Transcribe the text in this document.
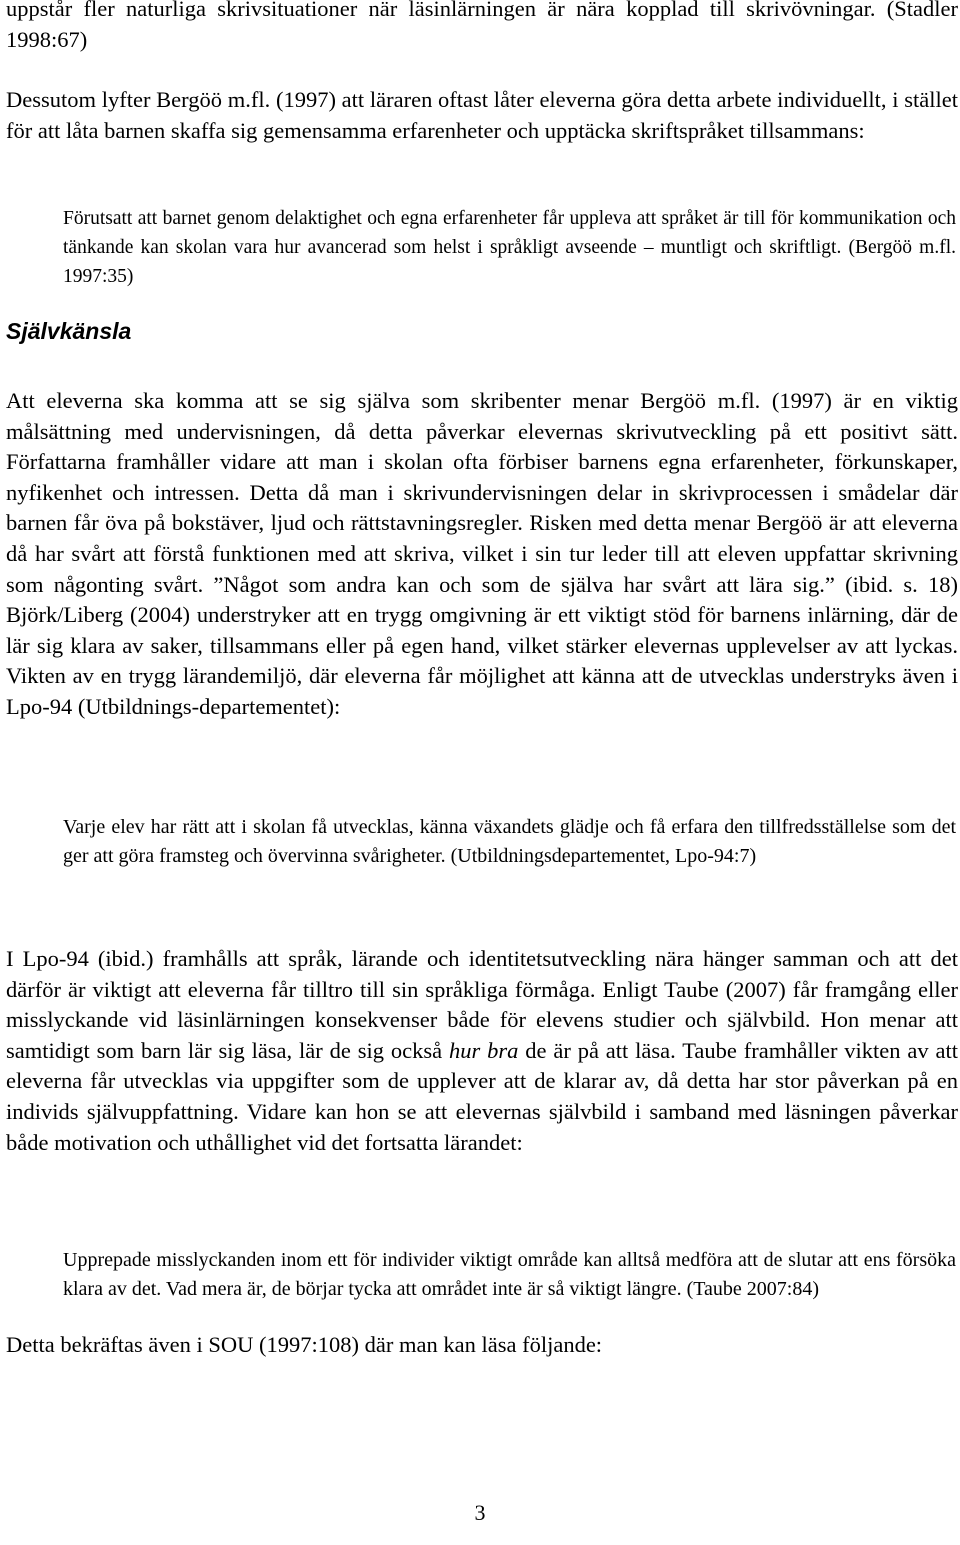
uppstår fler naturliga skrivsituationer när läsinlärningen är nära kopplad till skrivövningar. (Stadler 1998:67)

Dessutom lyfter Bergöö m.fl. (1997) att läraren oftast låter eleverna göra detta arbete individuellt, i stället för att låta barnen skaffa sig gemensamma erfarenheter och upptäcka skriftspråket tillsammans:

Förutsatt att barnet genom delaktighet och egna erfarenheter får uppleva att språket är till för kommunikation och tänkande kan skolan vara hur avancerad som helst i språkligt avseende – muntligt och skriftligt. (Bergöö m.fl. 1997:35)

Självkänsla

Att eleverna ska komma att se sig själva som skribenter menar Bergöö m.fl. (1997) är en viktig målsättning med undervisningen, då detta påverkar elevernas skrivutveckling på ett positivt sätt. Författarna framhåller vidare att man i skolan ofta förbiser barnens egna erfarenheter, förkunskaper, nyfikenhet och intressen. Detta då man i skrivundervisningen delar in skrivprocessen i smådelar där barnen får öva på bokstäver, ljud och rättstavningsregler. Risken med detta menar Bergöö är att eleverna då har svårt att förstå funktionen med att skriva, vilket i sin tur leder till att eleven uppfattar skrivning som någonting svårt. ”Något som andra kan och som de själva har svårt att lära sig.” (ibid. s. 18) Björk/Liberg (2004) understryker att en trygg omgivning är ett viktigt stöd för barnens inlärning, där de lär sig klara av saker, tillsammans eller på egen hand, vilket stärker elevernas upplevelser av att lyckas. Vikten av en trygg lärandemiljö, där eleverna får möjlighet att känna att de utvecklas understryks även i Lpo-94 (Utbildnings-departementet):

Varje elev har rätt att i skolan få utvecklas, känna växandets glädje och få erfara den tillfredsställelse som det ger att göra framsteg och övervinna svårigheter. (Utbildningsdepartementet, Lpo-94:7)

I Lpo-94 (ibid.) framhålls att språk, lärande och identitetsutveckling nära hänger samman och att det därför är viktigt att eleverna får tilltro till sin språkliga förmåga. Enligt Taube (2007) får framgång eller misslyckande vid läsinlärningen konsekvenser både för elevens studier och självbild. Hon menar att samtidigt som barn lär sig läsa, lär de sig också hur bra de är på att läsa. Taube framhåller vikten av att eleverna får utvecklas via uppgifter som de upplever att de klarar av, då detta har stor påverkan på en individs självuppfattning. Vidare kan hon se att elevernas självbild i samband med läsningen påverkar både motivation och uthållighet vid det fortsatta lärandet:

Upprepade misslyckanden inom ett för individer viktigt område kan alltså medföra att de slutar att ens försöka klara av det. Vad mera är, de börjar tycka att området inte är så viktigt längre. (Taube 2007:84)

Detta bekräftas även i SOU (1997:108) där man kan läsa följande:

3
